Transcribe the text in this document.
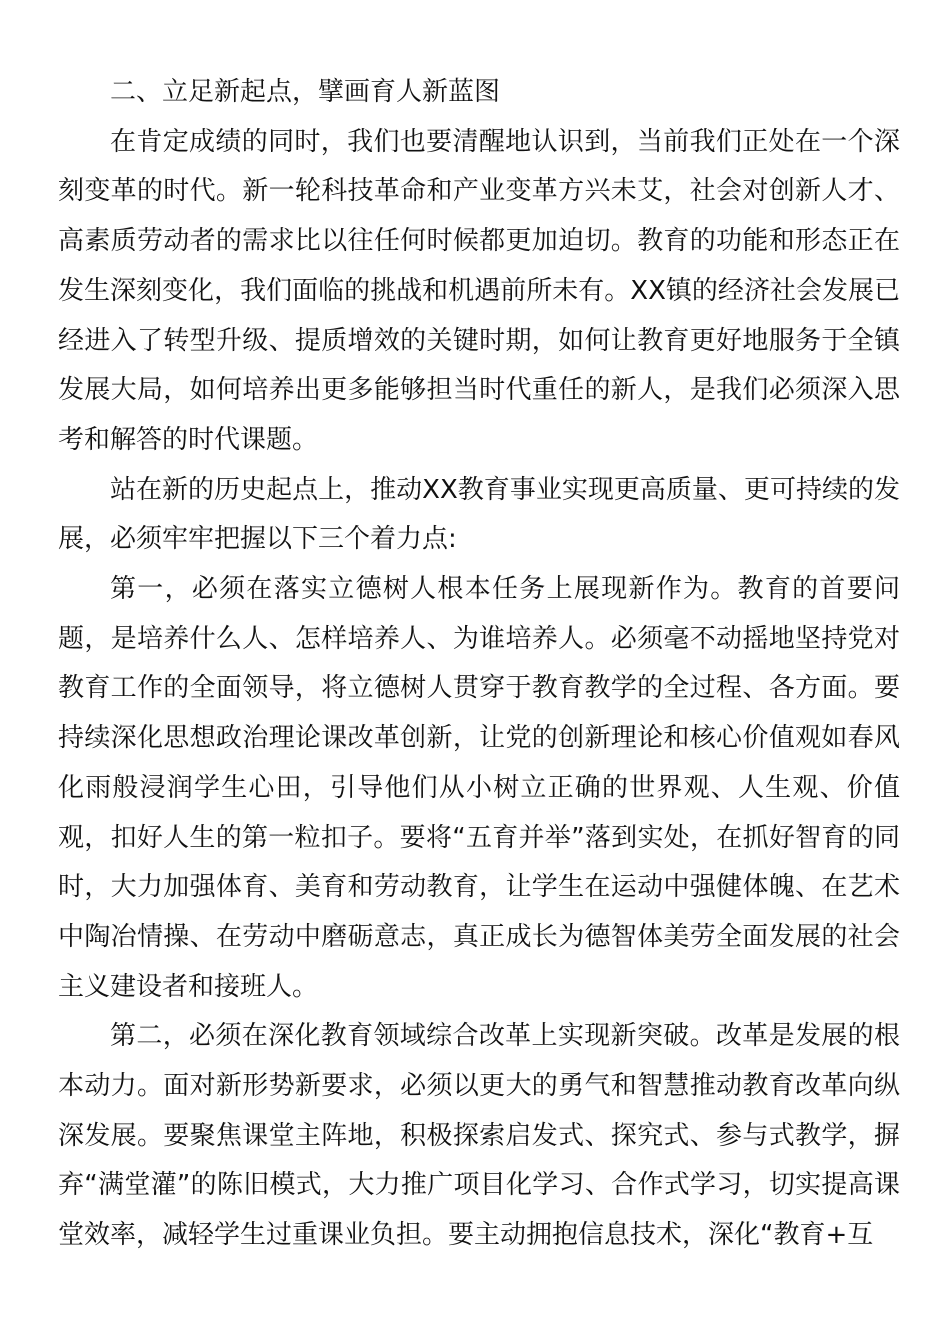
二、立足新起点，擘画育人新蓝图

在肯定成绩的同时，我们也要清醒地认识到，当前我们正处在一个深刻变革的时代。新一轮科技革命和产业变革方兴未艾，社会对创新人才、高素质劳动者的需求比以往任何时候都更加迫切。教育的功能和形态正在发生深刻变化，我们面临的挑战和机遇前所未有。XX镇的经济社会发展已经进入了转型升级、提质增效的关键时期，如何让教育更好地服务于全镇发展大局，如何培养出更多能够担当时代重任的新人，是我们必须深入思考和解答的时代课题。

站在新的历史起点上，推动XX教育事业实现更高质量、更可持续的发展，必须牢牢把握以下三个着力点:

第一，必须在落实立德树人根本任务上展现新作为。教育的首要问题，是培养什么人、怎样培养人、为谁培养人。必须毫不动摇地坚持党对教育工作的全面领导，将立德树人贯穿于教育教学的全过程、各方面。要持续深化思想政治理论课改革创新，让党的创新理论和核心价值观如春风化雨般浸润学生心田，引导他们从小树立正确的世界观、人生观、价值观，扣好人生的第一粒扣子。要将“五育并举”落到实处，在抓好智育的同时，大力加强体育、美育和劳动教育，让学生在运动中强健体魄、在艺术中陶冶情操、在劳动中磨砺意志，真正成长为德智体美劳全面发展的社会主义建设者和接班人。

第二，必须在深化教育领域综合改革上实现新突破。改革是发展的根本动力。面对新形势新要求，必须以更大的勇气和智慧推动教育改革向纵深发展。要聚焦课堂主阵地，积极探索启发式、探究式、参与式教学，摒弃“满堂灌”的陈旧模式，大力推广项目化学习、合作式学习，切实提高课堂效率，减轻学生过重课业负担。要主动拥抱信息技术，深化“教育+互
